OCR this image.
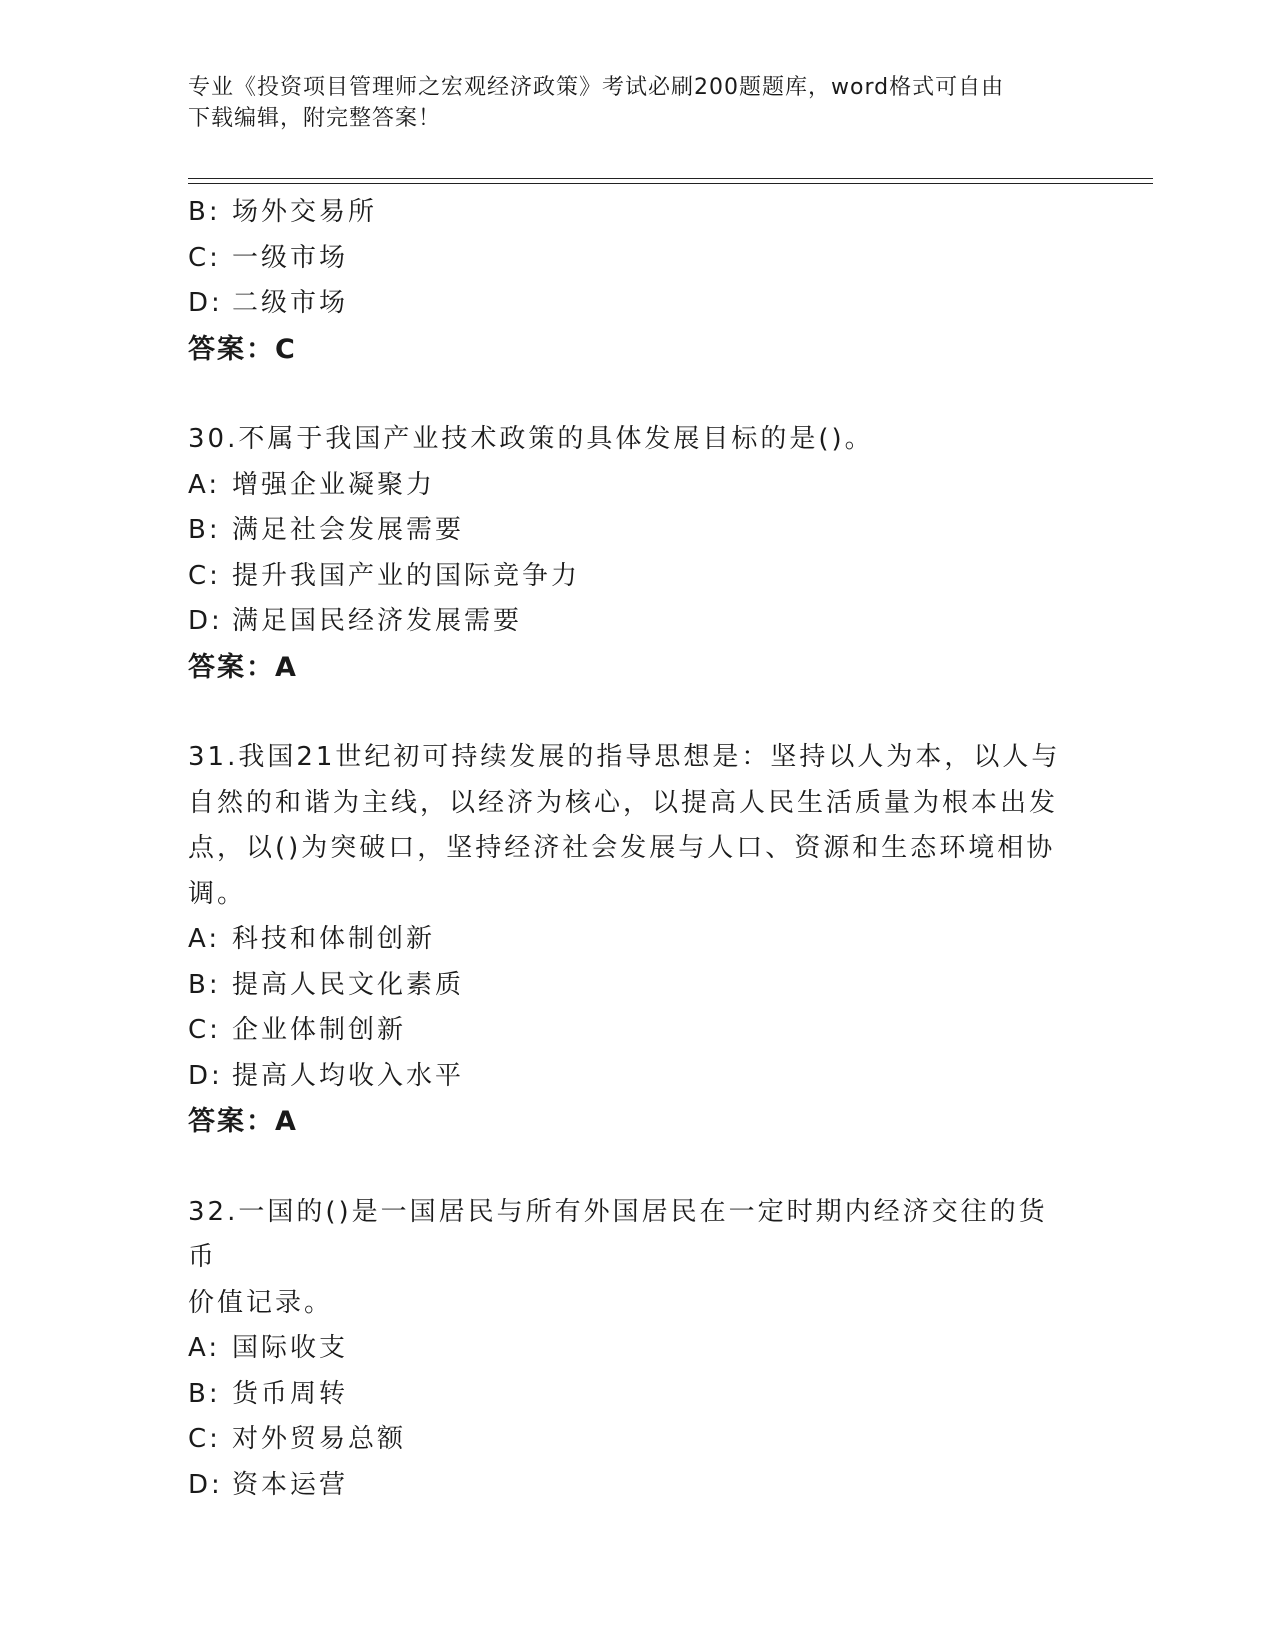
专业《投资项目管理师之宏观经济政策》考试必刷200题题库，word格式可自由
下载编辑，附完整答案！

B: 场外交易所

C: 一级市场

D: 二级市场

答案：C

30.不属于我国产业技术政策的具体发展目标的是()。

A: 增强企业凝聚力

B: 满足社会发展需要

C: 提升我国产业的国际竞争力

D: 满足国民经济发展需要

答案：A

31.我国21世纪初可持续发展的指导思想是：坚持以人为本，以人与

自然的和谐为主线，以经济为核心，以提高人民生活质量为根本出发

点，以()为突破口，坚持经济社会发展与人口、资源和生态环境相协

调。

A: 科技和体制创新

B: 提高人民文化素质

C: 企业体制创新

D: 提高人均收入水平

答案：A

32.一国的()是一国居民与所有外国居民在一定时期内经济交往的货币

价值记录。

A: 国际收支

B: 货币周转

C: 对外贸易总额

D: 资本运营
